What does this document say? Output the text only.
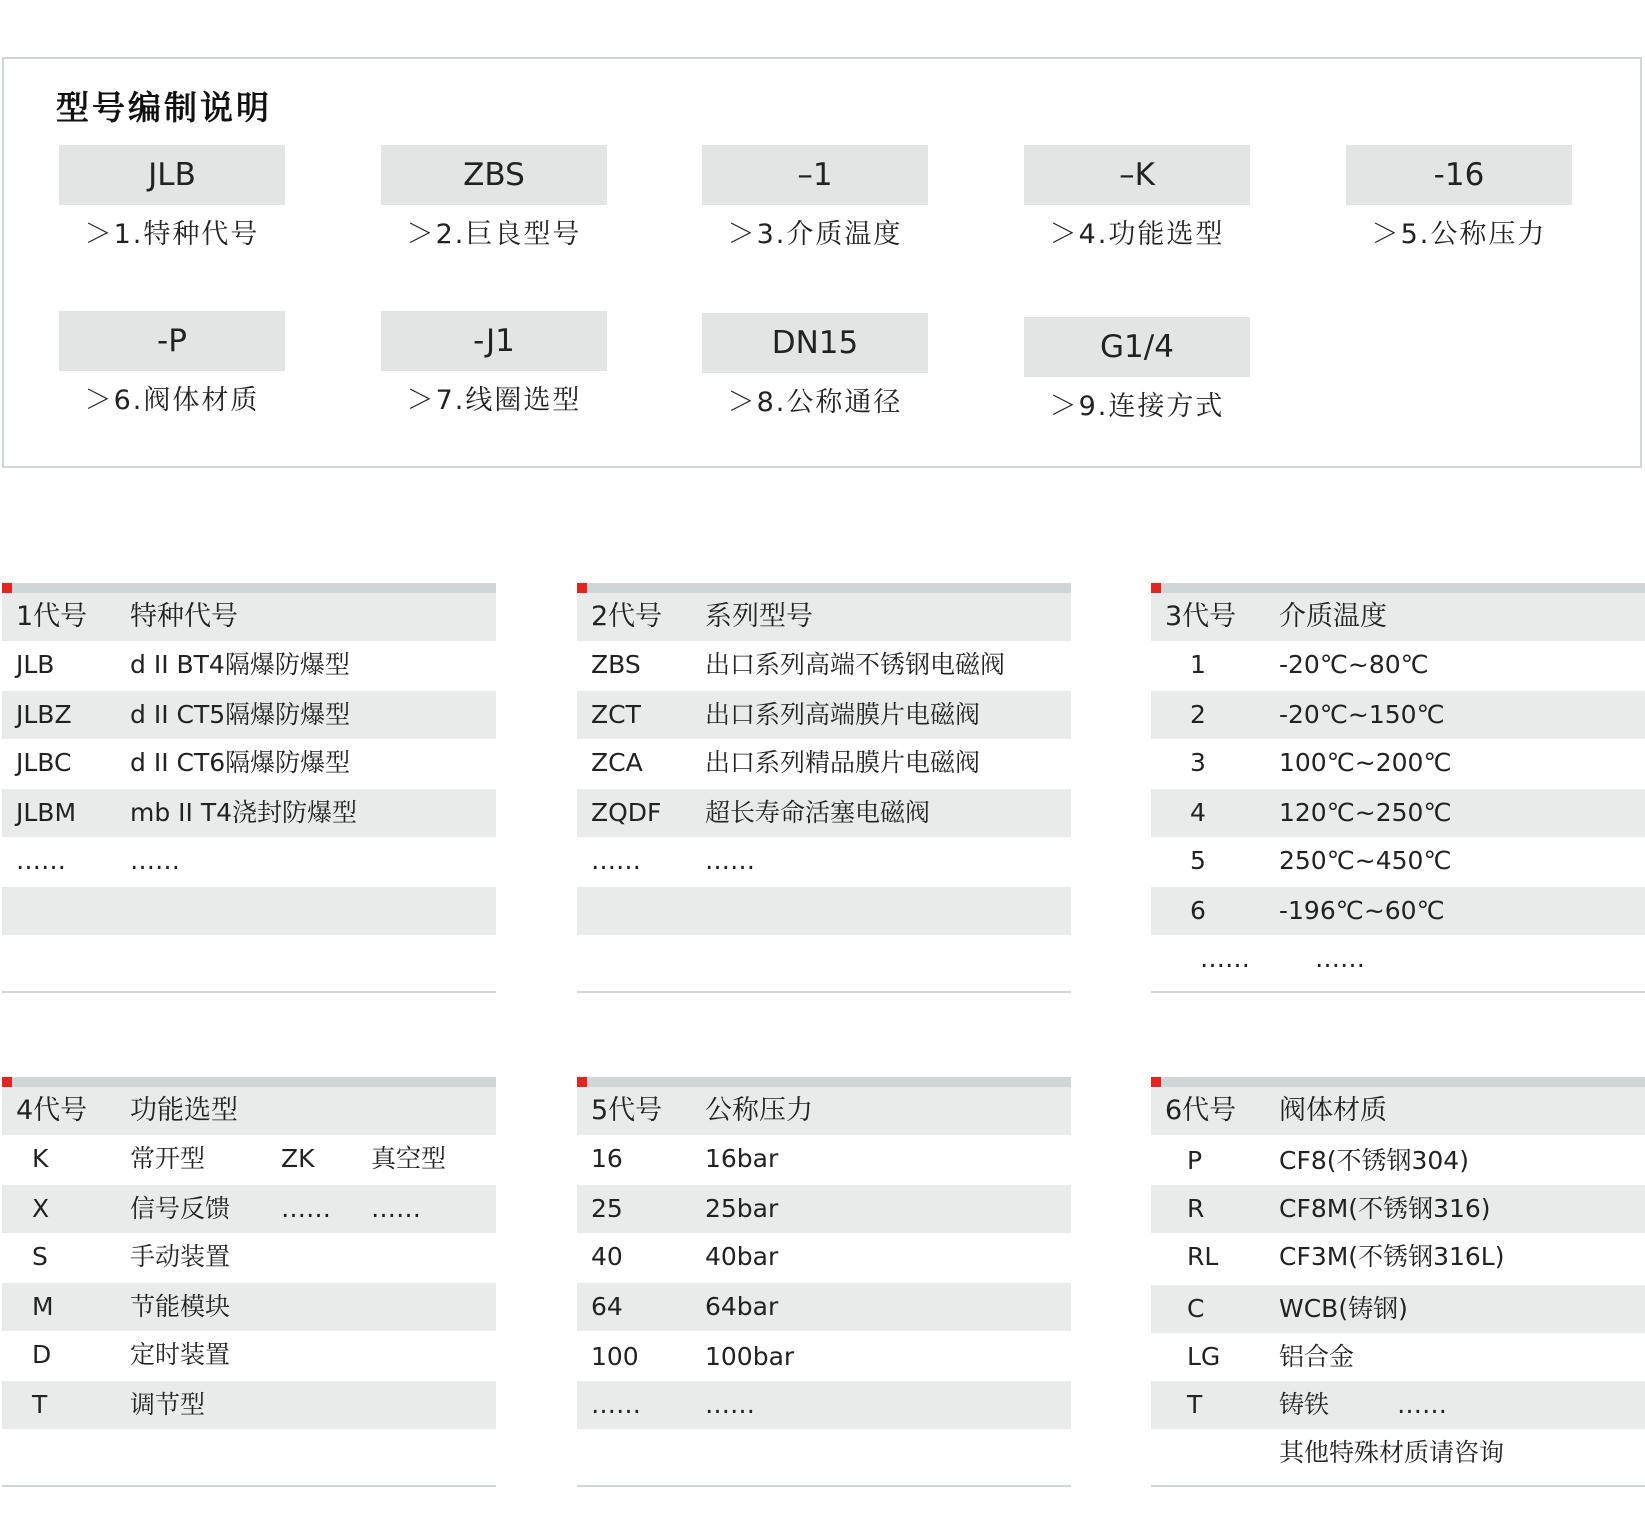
型号编制说明
JLB
＞1.特种代号
ZBS
＞2.巨良型号
–1
＞3.介质温度
–K
＞4.功能选型
-16
＞5.公称压力
-P
＞6.阀体材质
-J1
＞7.线圈选型
DN15
＞8.公称通径
G1/4
＞9.连接方式
1代号 特种代号
JLB	d II BT4隔爆防爆型
JLBZ d II CT5隔爆防爆型
JLBC d II CT6隔爆防爆型
JLBM mb II T4浇封防爆型
……	……
2代号 系列型号
ZBS	出口系列高端不锈钢电磁阀
ZCT	出口系列高端膜片电磁阀
ZCA 出口系列精品膜片电磁阀
ZQDF 超长寿命活塞电磁阀
……	……
3代号 介质温度
1	-20℃~80℃
2	-20℃~150℃
3	100℃~200℃
4	120℃~250℃
5	250℃~450℃
6	-196℃~60℃
……	……
4代号 功能选型
K	常开型	ZK 真空型
X	信号反馈 …… ……
S	手动装置
M	节能模块
D	定时装置
T	调节型
5代号 公称压力
16	16bar
25	25bar
40	40bar
64	64bar
100	100bar
……	……
6代号 阀体材质
P	CF8(不锈钢304)
R	CF8M(不锈钢316)
RL CF3M(不锈钢316L)
C	WCB(铸钢)
LG 铝合金
T	铸铁	……
其他特殊材质请咨询
